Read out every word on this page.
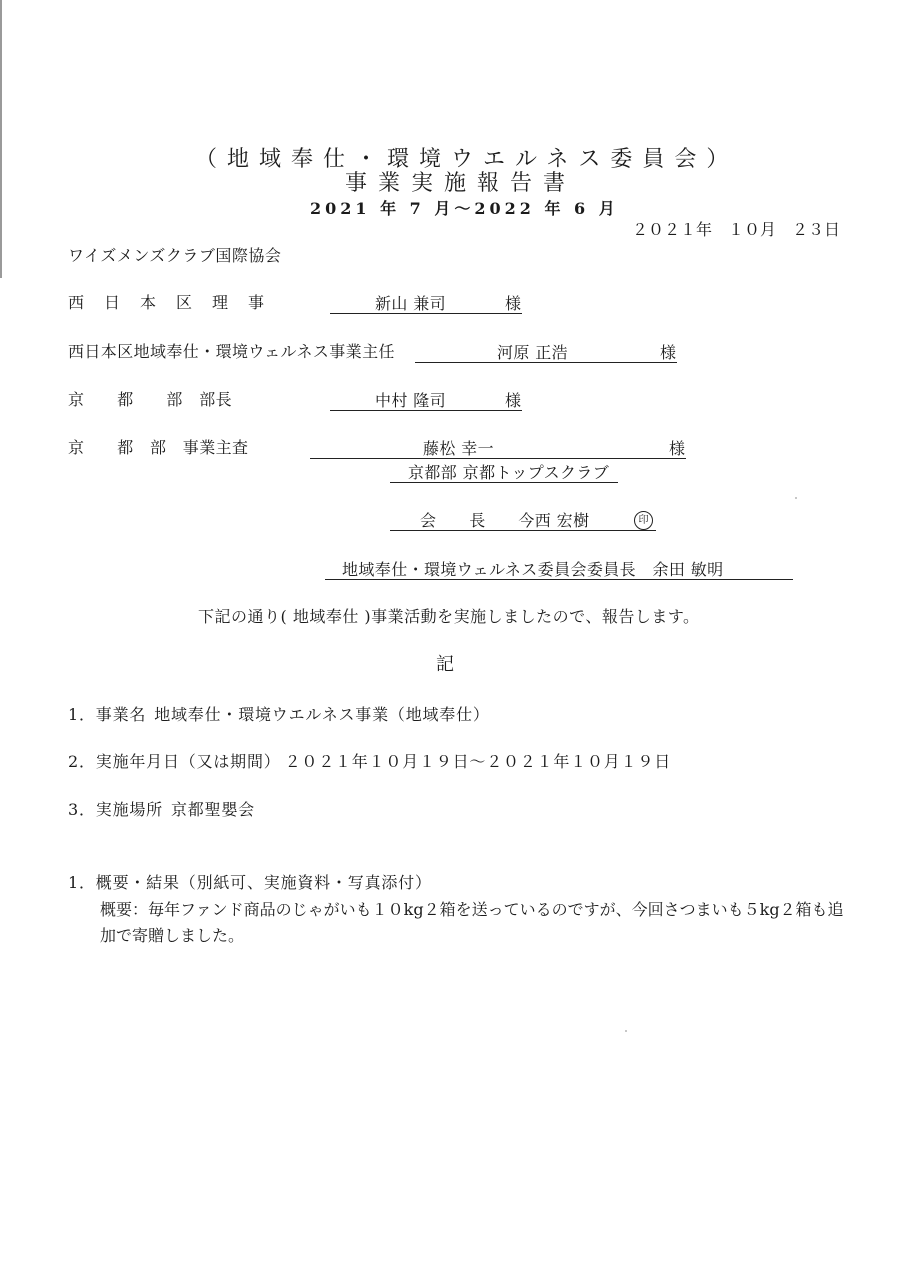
（地域奉仕・環境ウエルネス委員会）
事業実施報告書
2021 年 7 月～2022 年 6 月
２０２１年　１０月　２３日
ワイズメンズクラブ国際協会
西　日　本　区　理　事	新山 兼司	様
西日本区地域奉仕・環境ウェルネス事業主任	河原 正浩	様
京　　都　　部　部長	中村 隆司	様
京　　都　部　事業主査	藤松 幸一	様
京都部 京都トップスクラブ
会　　長　　今西 宏樹	印
地域奉仕・環境ウェルネス委員会委員長　余田 敏明
下記の通り( 地域奉仕 )事業活動を実施しましたので、報告します。
記
1．事業名 地域奉仕・環境ウエルネス事業（地域奉仕）
2．実施年月日（又は期間） ２０２１年１０月１９日～２０２１年１０月１９日
3．実施場所 京都聖嬰会
1．概要・結果（別紙可、実施資料・写真添付）
概要：毎年ファンド商品のじゃがいも１０kg２箱を送っているのですが、今回さつまいも５kg２箱も追
加で寄贈しました。
